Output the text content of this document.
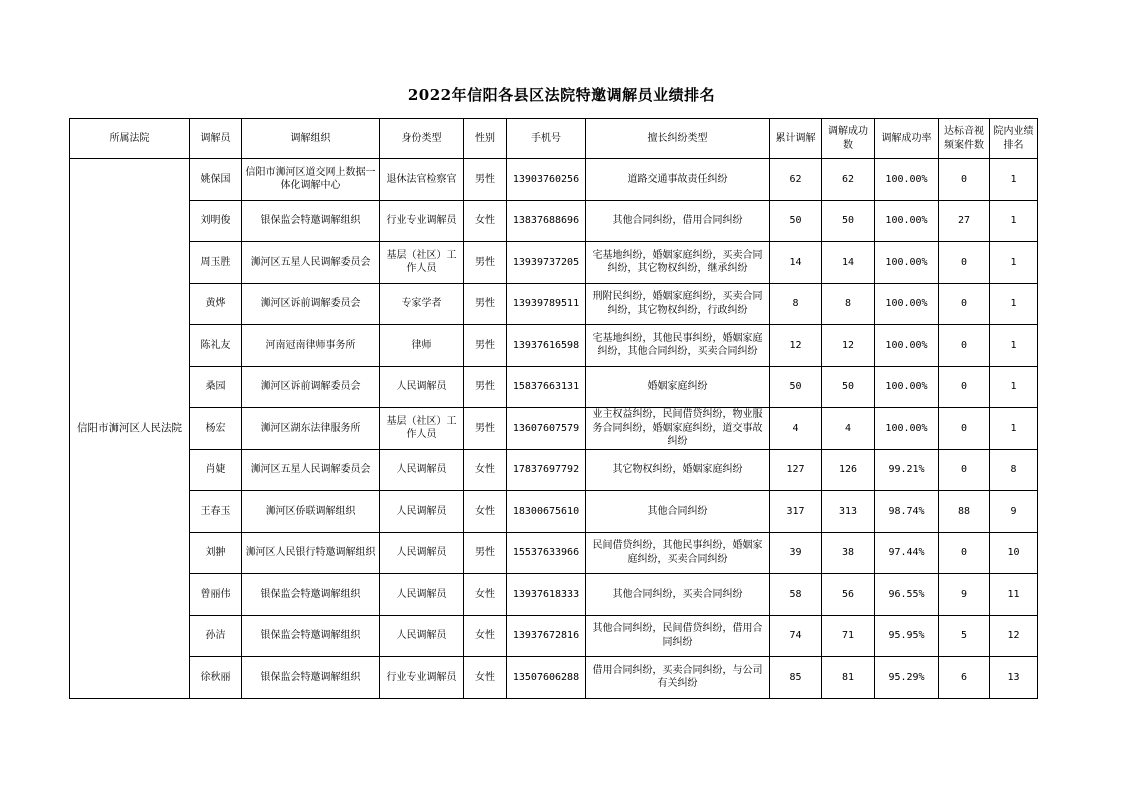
2022年信阳各县区法院特邀调解员业绩排名
所属法院	调解员	调解组织	身份类型	性别	手机号	擅长纠纷类型	累计调解	调解成功数	调解成功率	达标音视频案件数	院内业绩排名
信阳市浉河区人民法院	姚保国	信阳市浉河区道交网上数据一体化调解中心	退休法官检察官	男性	13903760256	道路交通事故责任纠纷	62	62	100.00%	0	1
	刘明俊	银保监会特邀调解组织	行业专业调解员	女性	13837688696	其他合同纠纷，借用合同纠纷	50	50	100.00%	27	1
	周玉胜	浉河区五星人民调解委员会	基层（社区）工作人员	男性	13939737205	宅基地纠纷，婚姻家庭纠纷，买卖合同纠纷，其它物权纠纷，继承纠纷	14	14	100.00%	0	1
	黄烨	浉河区诉前调解委员会	专家学者	男性	13939789511	刑附民纠纷，婚姻家庭纠纷，买卖合同纠纷，其它物权纠纷，行政纠纷	8	8	100.00%	0	1
	陈礼友	河南冠南律师事务所	律师	男性	13937616598	宅基地纠纷，其他民事纠纷，婚姻家庭纠纷，其他合同纠纷，买卖合同纠纷	12	12	100.00%	0	1
	桑园	浉河区诉前调解委员会	人民调解员	男性	15837663131	婚姻家庭纠纷	50	50	100.00%	0	1
	杨宏	浉河区湖东法律服务所	基层（社区）工作人员	男性	13607607579	业主权益纠纷，民间借贷纠纷，物业服务合同纠纷，婚姻家庭纠纷，道交事故纠纷	4	4	100.00%	0	1
	肖婕	浉河区五星人民调解委员会	人民调解员	女性	17837697792	其它物权纠纷，婚姻家庭纠纷	127	126	99.21%	0	8
	王春玉	浉河区侨联调解组织	人民调解员	女性	18300675610	其他合同纠纷	317	313	98.74%	88	9
	刘翀	浉河区人民银行特邀调解组织	人民调解员	男性	15537633966	民间借贷纠纷，其他民事纠纷，婚姻家庭纠纷，买卖合同纠纷	39	38	97.44%	0	10
	曾丽伟	银保监会特邀调解组织	人民调解员	女性	13937618333	其他合同纠纷，买卖合同纠纷	58	56	96.55%	9	11
	孙洁	银保监会特邀调解组织	人民调解员	女性	13937672816	其他合同纠纷，民间借贷纠纷，借用合同纠纷	74	71	95.95%	5	12
	徐秋丽	银保监会特邀调解组织	行业专业调解员	女性	13507606288	借用合同纠纷，买卖合同纠纷，与公司有关纠纷	85	81	95.29%	6	13
